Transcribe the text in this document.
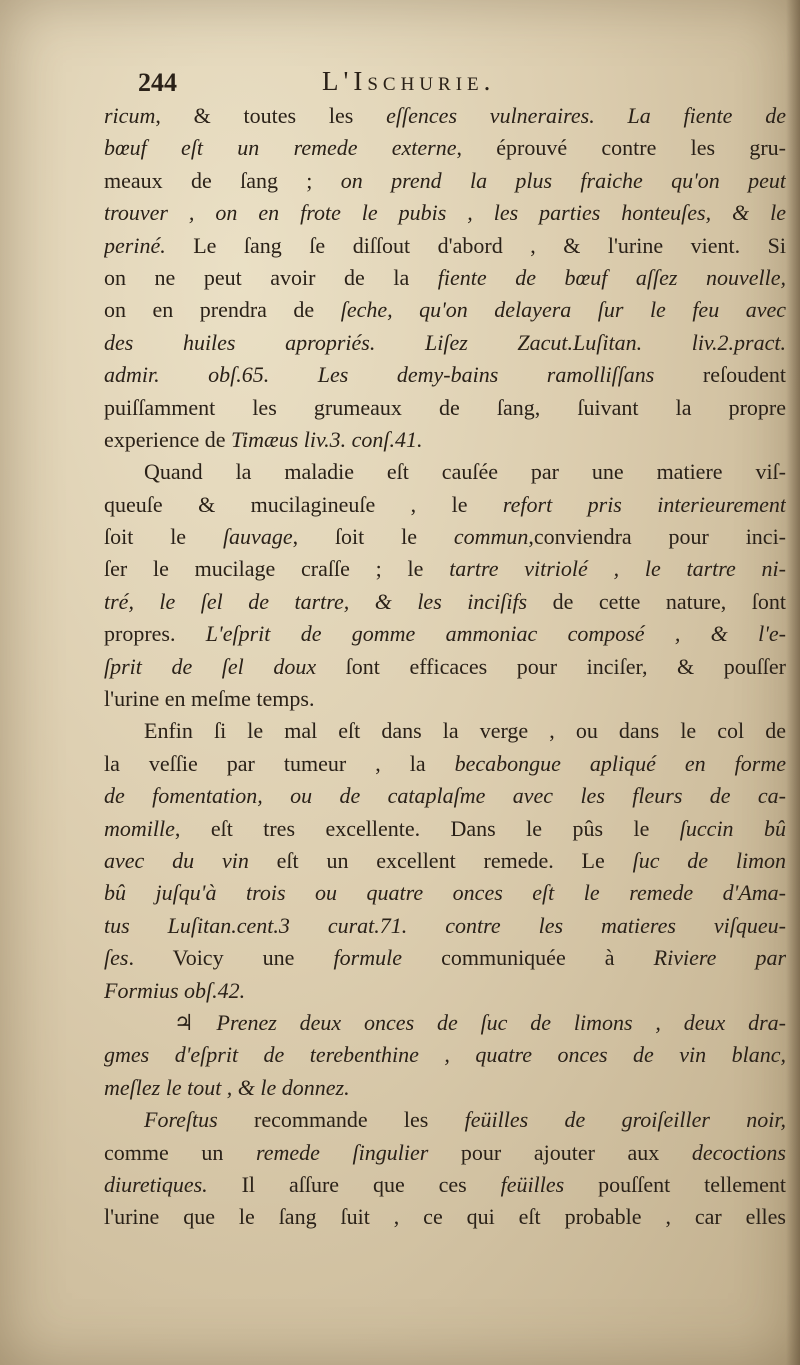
244	L'Ischurie.
ricum, & toutes les eſſences vulneraires. La fiente de
bœuf eſt un remede externe, éprouvé contre les gru-
meaux de ſang ; on prend la plus fraiche qu'on peut
trouver , on en frote le pubis , les parties honteuſes, & le
periné. Le ſang ſe diſſout d'abord , & l'urine vient. Si
on ne peut avoir de la fiente de bœuf aſſez nouvelle,
on en prendra de ſeche, qu'on delayera ſur le feu avec
des huiles apropriés. Liſez Zacut.Luſitan. liv.2.pract.
admir. obſ.65. Les demy-bains ramolliſſans reſoudent
puiſſamment les grumeaux de ſang, ſuivant la propre
experience de Timæus liv.3. conſ.41.
Quand la maladie eſt cauſée par une matiere viſ-
queuſe & mucilagineuſe , le refort pris interieurement
ſoit le ſauvage, ſoit le commun,conviendra pour inci-
ſer le mucilage craſſe ; le tartre vitriolé , le tartre ni-
tré, le ſel de tartre, & les inciſifs de cette nature, ſont
propres. L'eſprit de gomme ammoniac composé , & l'e-
ſprit de ſel doux ſont efficaces pour inciſer, & pouſſer
l'urine en meſme temps.
Enfin ſi le mal eſt dans la verge , ou dans le col de
la veſſie par tumeur , la becabongue apliqué en forme
de fomentation, ou de cataplaſme avec les fleurs de ca-
momille, eſt tres excellente. Dans le pûs le ſuccin bû
avec du vin eſt un excellent remede. Le ſuc de limon
bû juſqu'à trois ou quatre onces eſt le remede d'Ama-
tus Luſitan.cent.3 curat.71. contre les matieres viſqueu-
ſes. Voicy une formule communiquée à Riviere par
Formius obſ.42.
♃ Prenez deux onces de ſuc de limons , deux dra-
gmes d'eſprit de terebenthine , quatre onces de vin blanc,
meſlez le tout , & le donnez.
Foreſtus recommande les feüilles de groiſeiller noir,
comme un remede ſingulier pour ajouter aux decoctions
diuretiques. Il aſſure que ces feüilles pouſſent tellement
l'urine que le ſang ſuit , ce qui eſt probable , car elles
